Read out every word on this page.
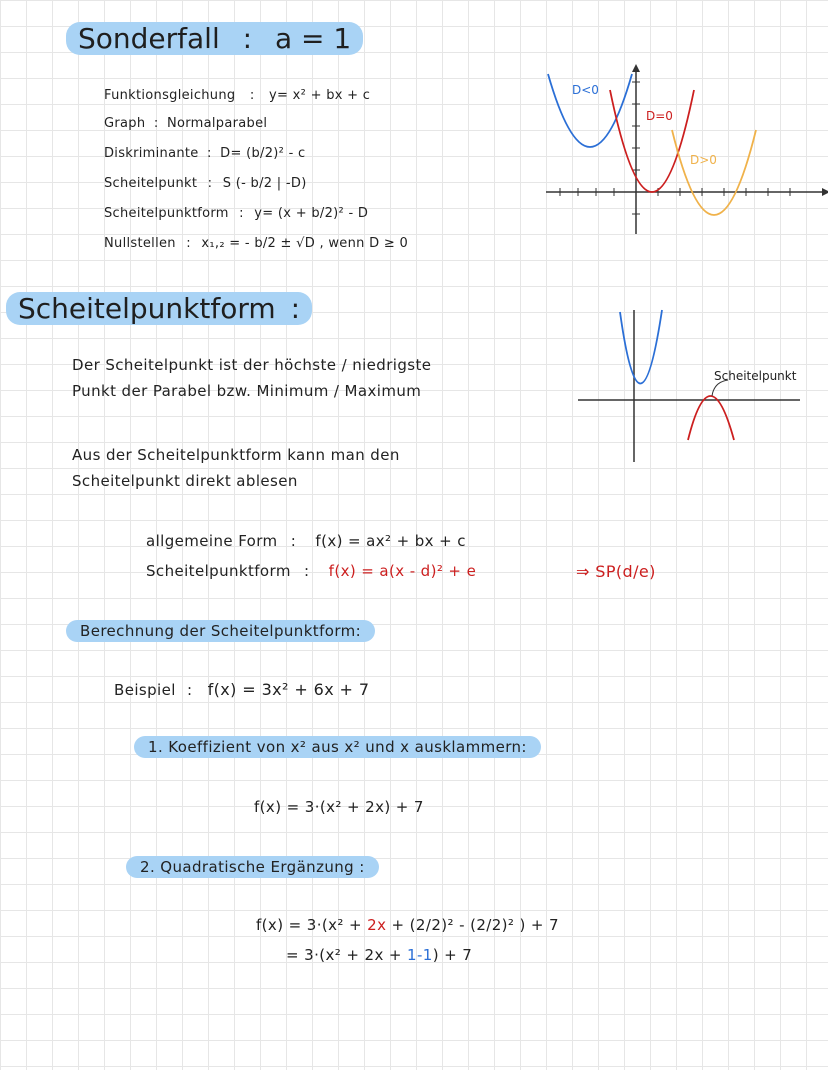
Sonderfall : a = 1
Funktionsgleichung : y= x² + bx + c
Graph : Normalparabel
Diskriminante : D= (b/2)² - c
Scheitelpunkt : S (- b/2 | -D)
Scheitelpunktform : y= (x + b/2)² - D
Nullstellen : x₁,₂ = - b/2 ± √D , wenn D ≥ 0
D<0
D=0
D>0
Scheitelpunktform :
Der Scheitelpunkt ist der höchste / niedrigste
Punkt der Parabel bzw. Minimum / Maximum
Aus der Scheitelpunktform kann man den
Scheitelpunkt direkt ablesen
Scheitelpunkt
allgemeine Form : f(x) = ax² + bx + c
Scheitelpunktform : f(x) = a(x - d)² + e	⇒ SP(d/e)
Berechnung der Scheitelpunktform:
Beispiel : f(x) = 3x² + 6x + 7
1. Koeffizient von x² aus x² und x ausklammern:
f(x) = 3·(x² + 2x) + 7
2. Quadratische Ergänzung :
f(x) = 3·(x² + 2x + (2/2)² - (2/2)² ) + 7
= 3·(x² + 2x + 1-1) + 7
